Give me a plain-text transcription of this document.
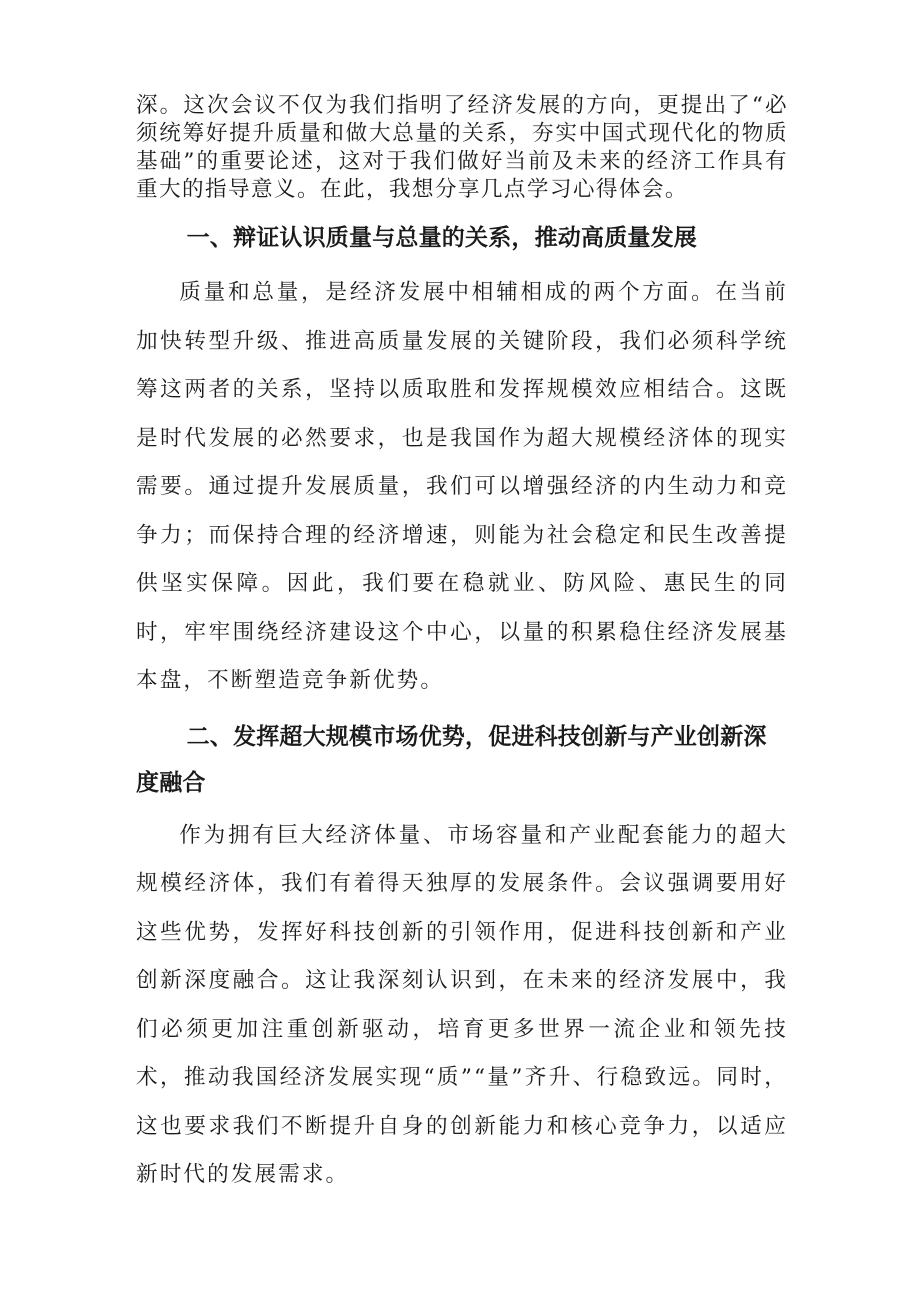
深。这次会议不仅为我们指明了经济发展的方向，更提出了“必须统筹好提升质量和做大总量的关系，夯实中国式现代化的物质基础”的重要论述，这对于我们做好当前及未来的经济工作具有重大的指导意义。在此，我想分享几点学习心得体会。

一、辩证认识质量与总量的关系，推动高质量发展

质量和总量，是经济发展中相辅相成的两个方面。在当前加快转型升级、推进高质量发展的关键阶段，我们必须科学统筹这两者的关系，坚持以质取胜和发挥规模效应相结合。这既是时代发展的必然要求，也是我国作为超大规模经济体的现实需要。通过提升发展质量，我们可以增强经济的内生动力和竞争力；而保持合理的经济增速，则能为社会稳定和民生改善提供坚实保障。因此，我们要在稳就业、防风险、惠民生的同时，牢牢围绕经济建设这个中心，以量的积累稳住经济发展基本盘，不断塑造竞争新优势。

二、发挥超大规模市场优势，促进科技创新与产业创新深度融合

作为拥有巨大经济体量、市场容量和产业配套能力的超大规模经济体，我们有着得天独厚的发展条件。会议强调要用好这些优势，发挥好科技创新的引领作用，促进科技创新和产业创新深度融合。这让我深刻认识到，在未来的经济发展中，我们必须更加注重创新驱动，培育更多世界一流企业和领先技术，推动我国经济发展实现“质”“量”齐升、行稳致远。同时，这也要求我们不断提升自身的创新能力和核心竞争力，以适应新时代的发展需求。
